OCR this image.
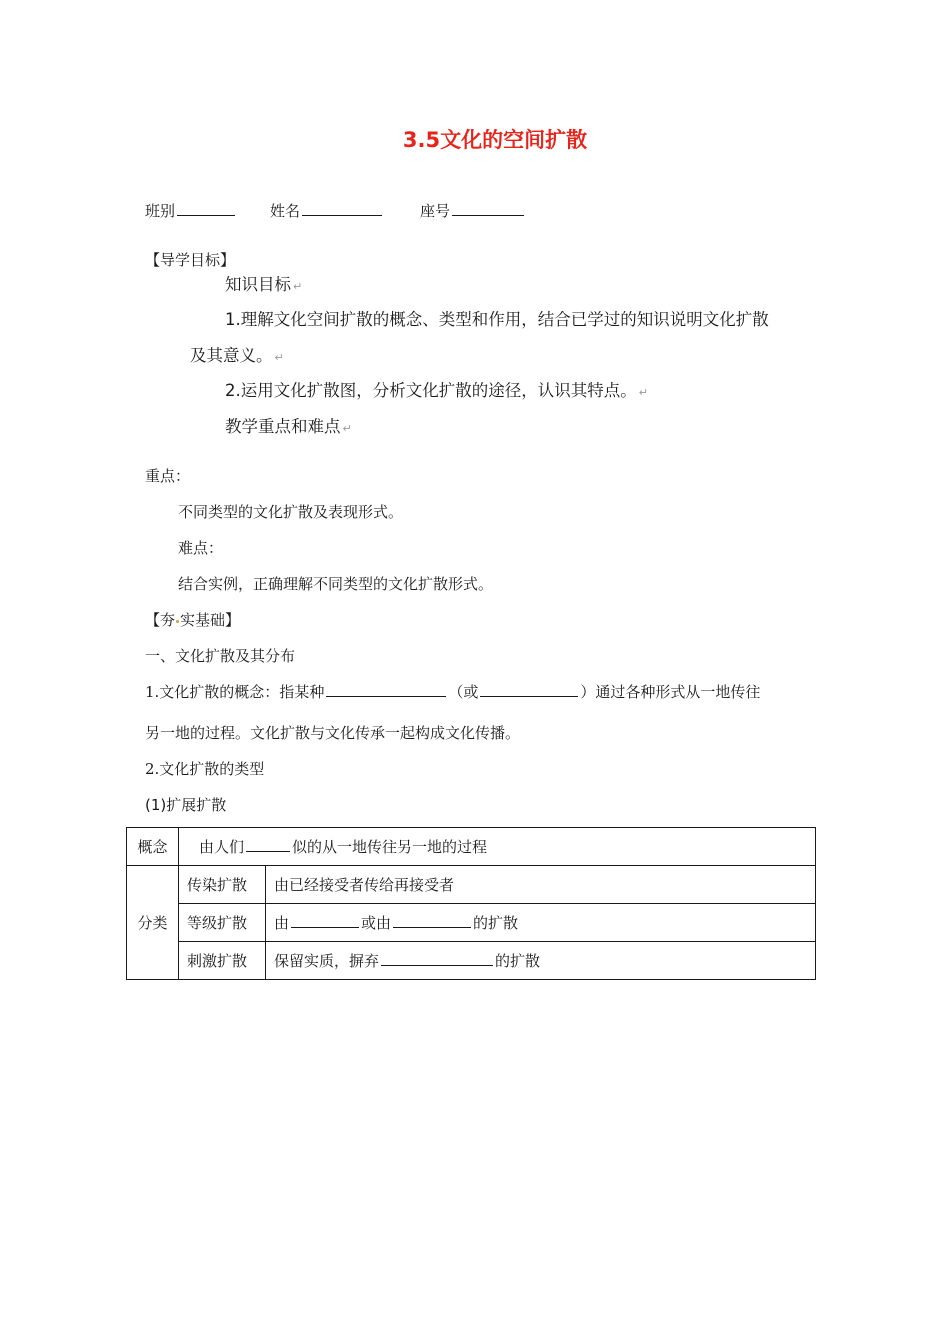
3.5文化的空间扩散
班别	姓名	座号
【导学目标】
知识目标 ↵
1.理解文化空间扩散的概念、类型和作用，结合已学过的知识说明文化扩散
及其意义。 ↵
2.运用文化扩散图，分析文化扩散的途径，认识其特点。 ↵
教学重点和难点 ↵
重点：
不同类型的文化扩散及表现形式。
难点：
结合实例，正确理解不同类型的文化扩散形式。
【夯 实基础】
一、文化扩散及其分布
1.文化扩散的概念：指某种	（或	）通过各种形式从一地传往
另一地的过程。文化扩散与文化传承一起构成文化传播。
2.文化扩散的类型
(1)扩展扩散
概念	由人们 似的从一地传往另一地的过程	
分类	传染扩散	由已经接受者传给再接受者
	等级扩散	由 或由 的扩散
	刺激扩散	保留实质，摒弃 的扩散
